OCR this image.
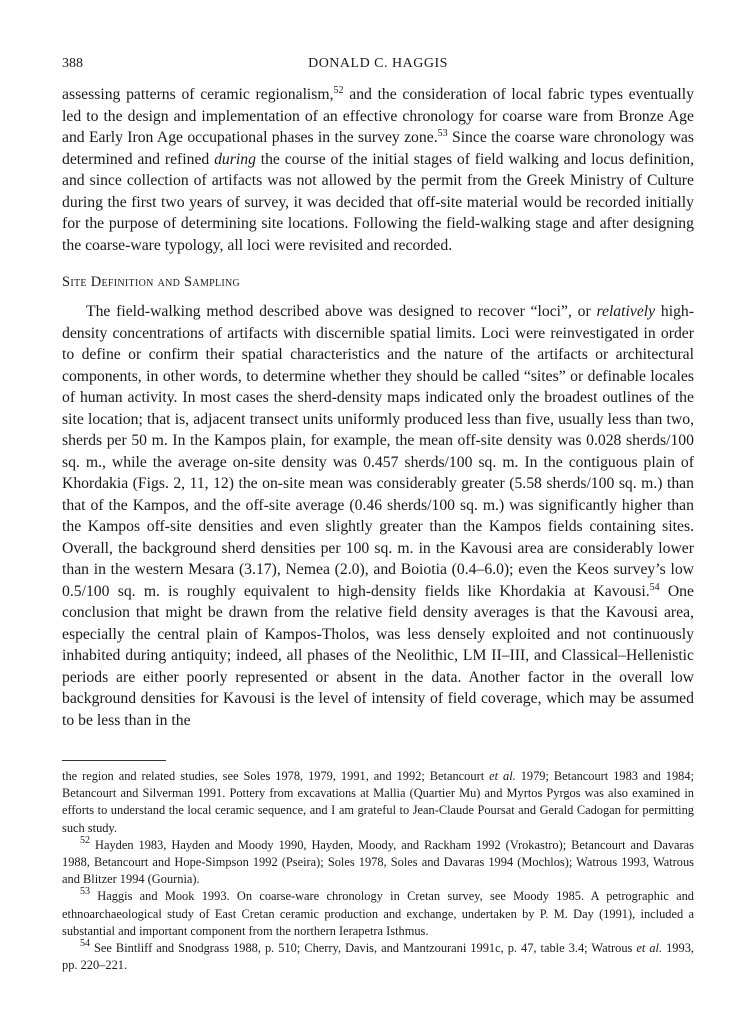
388	DONALD C. HAGGIS

assessing patterns of ceramic regionalism,$^{52}$ and the consideration of local fabric types eventually led to the design and implementation of an effective chronology for coarse ware from Bronze Age and Early Iron Age occupational phases in the survey zone.$^{53}$ Since the coarse ware chronology was determined and refined during the course of the initial stages of field walking and locus definition, and since collection of artifacts was not allowed by the permit from the Greek Ministry of Culture during the first two years of survey, it was decided that off-site material would be recorded initially for the purpose of determining site locations. Following the field-walking stage and after designing the coarse-ware typology, all loci were revisited and recorded.

Site Definition and Sampling

The field-walking method described above was designed to recover “loci”, or relatively high-density concentrations of artifacts with discernible spatial limits. Loci were reinvestigated in order to define or confirm their spatial characteristics and the nature of the artifacts or architectural components, in other words, to determine whether they should be called “sites” or definable locales of human activity. In most cases the sherd-density maps indicated only the broadest outlines of the site location; that is, adjacent transect units uniformly produced less than five, usually less than two, sherds per 50 m. In the Kampos plain, for example, the mean off-site density was 0.028 sherds/100 sq. m., while the average on-site density was 0.457 sherds/100 sq. m. In the contiguous plain of Khordakia (Figs. 2, 11, 12) the on-site mean was considerably greater (5.58 sherds/100 sq. m.) than that of the Kampos, and the off-site average (0.46 sherds/100 sq. m.) was significantly higher than the Kampos off-site densities and even slightly greater than the Kampos fields containing sites. Overall, the background sherd densities per 100 sq. m. in the Kavousi area are considerably lower than in the western Mesara (3.17), Nemea (2.0), and Boiotia (0.4–6.0); even the Keos survey’s low 0.5/100 sq. m. is roughly equivalent to high-density fields like Khordakia at Kavousi.$^{54}$ One conclusion that might be drawn from the relative field density averages is that the Kavousi area, especially the central plain of Kampos-Tholos, was less densely exploited and not continuously inhabited during antiquity; indeed, all phases of the Neolithic, LM II–III, and Classical–Hellenistic periods are either poorly represented or absent in the data. Another factor in the overall low background densities for Kavousi is the level of intensity of field coverage, which may be assumed to be less than in the

the region and related studies, see Soles 1978, 1979, 1991, and 1992; Betancourt et al. 1979; Betancourt 1983 and 1984; Betancourt and Silverman 1991. Pottery from excavations at Mallia (Quartier Mu) and Myrtos Pyrgos was also examined in efforts to understand the local ceramic sequence, and I am grateful to Jean-Claude Poursat and Gerald Cadogan for permitting such study.

$^{52}$ Hayden 1983, Hayden and Moody 1990, Hayden, Moody, and Rackham 1992 (Vrokastro); Betancourt and Davaras 1988, Betancourt and Hope-Simpson 1992 (Pseira); Soles 1978, Soles and Davaras 1994 (Mochlos); Watrous 1993, Watrous and Blitzer 1994 (Gournia).

$^{53}$ Haggis and Mook 1993. On coarse-ware chronology in Cretan survey, see Moody 1985. A petrographic and ethnoarchaeological study of East Cretan ceramic production and exchange, undertaken by P. M. Day (1991), included a substantial and important component from the northern Ierapetra Isthmus.

$^{54}$ See Bintliff and Snodgrass 1988, p. 510; Cherry, Davis, and Mantzourani 1991c, p. 47, table 3.4; Watrous et al. 1993, pp. 220–221.
